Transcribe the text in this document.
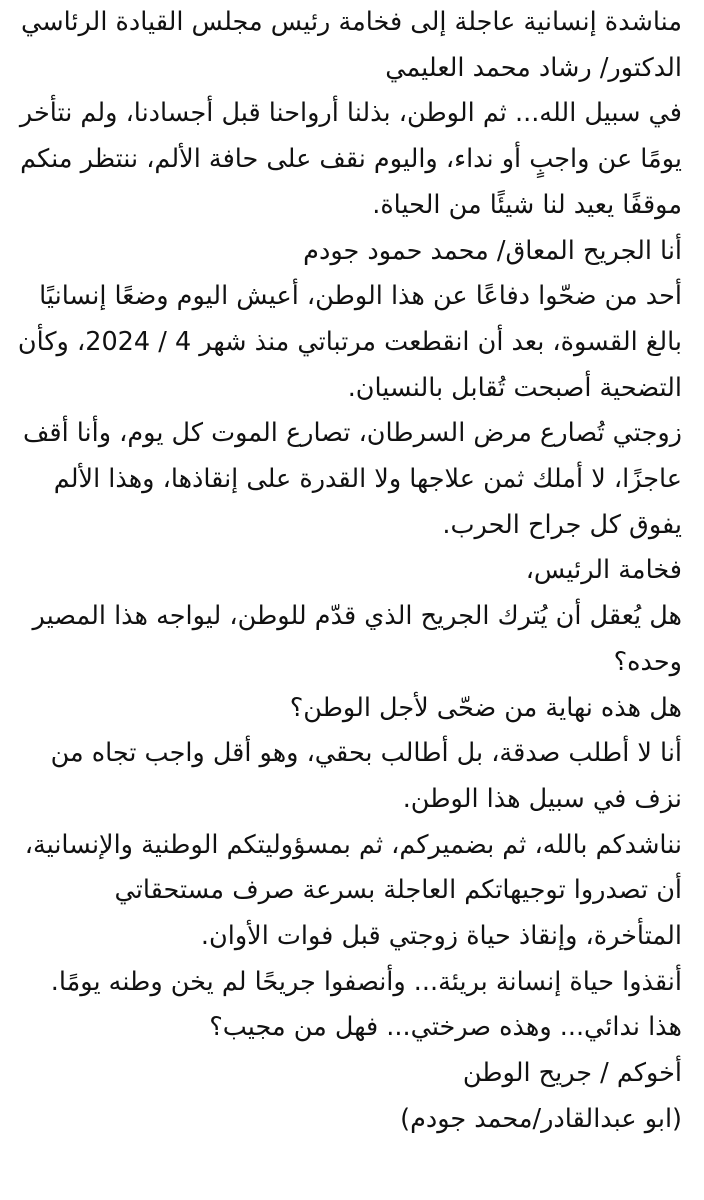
مناشدة إنسانية عاجلة إلى فخامة رئيس مجلس القيادة الرئاسي

الدكتور/ رشاد محمد العليمي

في سبيل الله... ثم الوطن، بذلنا أرواحنا قبل أجسادنا، ولم نتأخر يومًا عن واجبٍ أو نداء، واليوم نقف على حافة الألم، ننتظر منكم موقفًا يعيد لنا شيئًا من الحياة.

أنا الجريح المعاق/ محمد حمود جودم

أحد من ضحّوا دفاعًا عن هذا الوطن، أعيش اليوم وضعًا إنسانيًا بالغ القسوة، بعد أن انقطعت مرتباتي منذ شهر 4 / 2024، وكأن التضحية أصبحت تُقابل بالنسيان.

زوجتي تُصارع مرض السرطان، تصارع الموت كل يوم، وأنا أقف عاجزًا، لا أملك ثمن علاجها ولا القدرة على إنقاذها، وهذا الألم يفوق كل جراح الحرب.

فخامة الرئيس،

هل يُعقل أن يُترك الجريح الذي قدّم للوطن، ليواجه هذا المصير وحده؟

هل هذه نهاية من ضحّى لأجل الوطن؟

أنا لا أطلب صدقة، بل أطالب بحقي، وهو أقل واجب تجاه من نزف في سبيل هذا الوطن.

نناشدكم بالله، ثم بضميركم، ثم بمسؤوليتكم الوطنية والإنسانية، أن تصدروا توجيهاتكم العاجلة بسرعة صرف مستحقاتي المتأخرة، وإنقاذ حياة زوجتي قبل فوات الأوان.

أنقذوا حياة إنسانة بريئة... وأنصفوا جريحًا لم يخن وطنه يومًا.

هذا ندائي... وهذه صرختي... فهل من مجيب؟

أخوكم / جريح الوطن

(ابو عبدالقادر/محمد جودم)
